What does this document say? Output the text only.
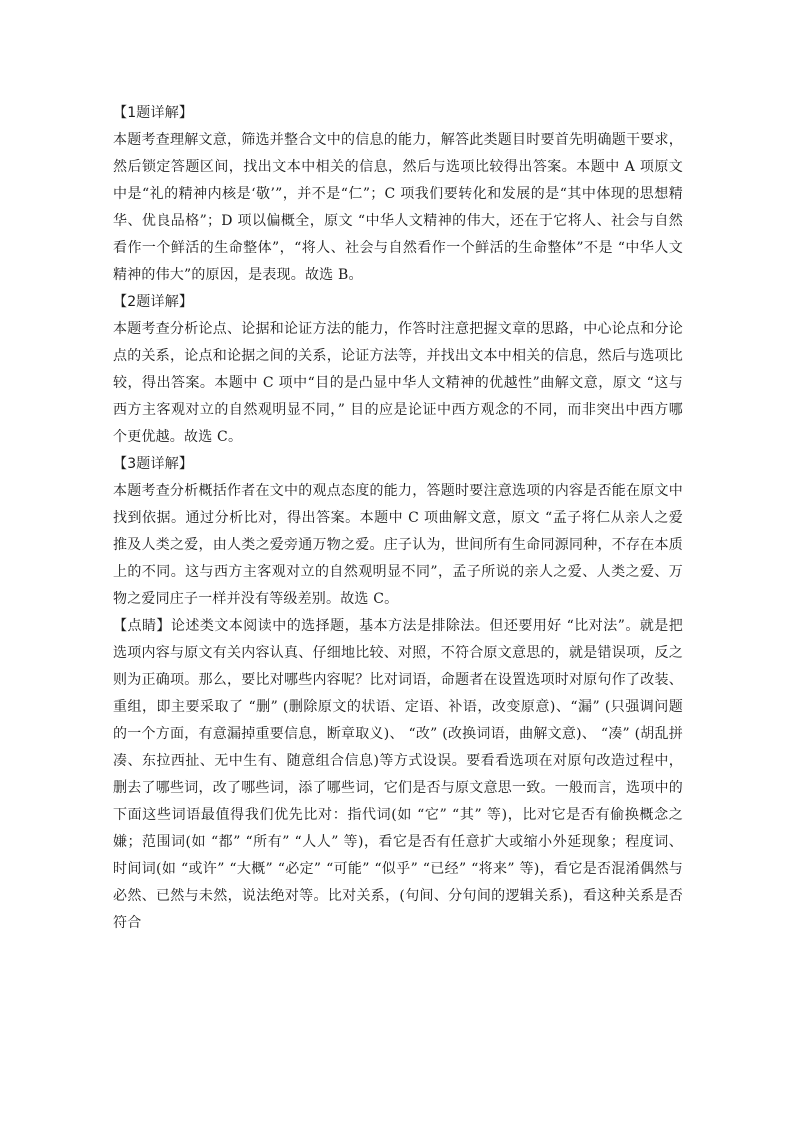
【1题详解】

本题考查理解文意，筛选并整合文中的信息的能力，解答此类题目时要首先明确题干要求，然后锁定答题区间，找出文本中相关的信息，然后与选项比较得出答案。本题中 A 项原文中是“礼的精神内核是‘敬’”，并不是“仁”；C 项我们要转化和发展的是“其中体现的思想精华、优良品格”；D 项以偏概全，原文 “中华人文精神的伟大，还在于它将人、社会与自然看作一个鲜活的生命整体”，“将人、社会与自然看作一个鲜活的生命整体”不是 “中华人文精神的伟大”的原因，是表现。故选 B。

【2题详解】

本题考查分析论点、论据和论证方法的能力，作答时注意把握文章的思路，中心论点和分论点的关系，论点和论据之间的关系，论证方法等，并找出文本中相关的信息，然后与选项比较，得出答案。本题中 C 项中“目的是凸显中华人文精神的优越性”曲解文意，原文 “这与西方主客观对立的自然观明显不同，” 目的应是论证中西方观念的不同，而非突出中西方哪个更优越。故选 C。

【3题详解】

本题考查分析概括作者在文中的观点态度的能力，答题时要注意选项的内容是否能在原文中找到依据。通过分析比对，得出答案。本题中 C 项曲解文意，原文 “孟子将仁从亲人之爱推及人类之爱，由人类之爱旁通万物之爱。庄子认为，世间所有生命同源同种，不存在本质上的不同。这与西方主客观对立的自然观明显不同”，孟子所说的亲人之爱、人类之爱、万物之爱同庄子一样并没有等级差别。故选 C。

【点睛】论述类文本阅读中的选择题，基本方法是排除法。但还要用好 “比对法”。就是把选项内容与原文有关内容认真、仔细地比较、对照，不符合原文意思的，就是错误项，反之则为正确项。那么，要比对哪些内容呢？比对词语，命题者在设置选项时对原句作了改装、重组，即主要采取了 “删” (删除原文的状语、定语、补语，改变原意)、“漏” (只强调问题的一个方面，有意漏掉重要信息，断章取义)、 “改” (改换词语，曲解文意)、 “凑” (胡乱拼凑、东拉西扯、无中生有、随意组合信息)等方式设误。要看看选项在对原句改造过程中，删去了哪些词，改了哪些词，添了哪些词，它们是否与原文意思一致。一般而言，选项中的下面这些词语最值得我们优先比对：指代词(如 “它” “其” 等)，比对它是否有偷换概念之嫌；范围词(如 “都” “所有” “人人” 等)，看它是否有任意扩大或缩小外延现象；程度词、时间词(如 “或许” “大概” “必定” “可能” “似乎” “已经” “将来” 等)，看它是否混淆偶然与必然、已然与未然，说法绝对等。比对关系，(句间、分句间的逻辑关系)，看这种关系是否符合
